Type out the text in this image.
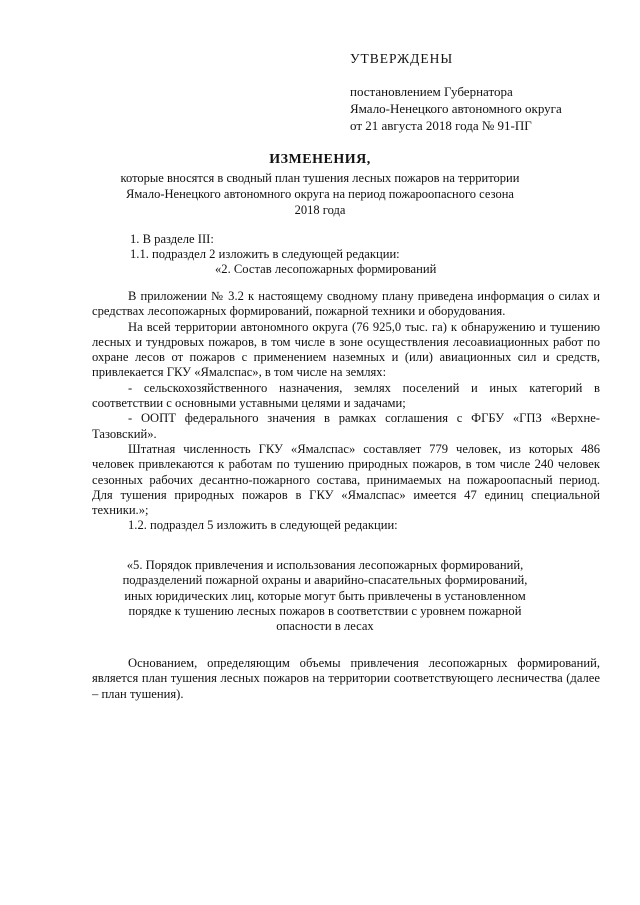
УТВЕРЖДЕНЫ
постановлением Губернатора
Ямало-Ненецкого автономного округа
от 21 августа 2018 года № 91-ПГ
ИЗМЕНЕНИЯ,
которые вносятся в сводный план тушения лесных пожаров на территории
Ямало-Ненецкого автономного округа на период пожароопасного сезона
2018 года
1. В разделе III:
1.1. подраздел 2 изложить в следующей редакции:
«2. Состав лесопожарных формирований

В приложении № 3.2 к настоящему сводному плану приведена информация о силах и средствах лесопожарных формирований, пожарной техники и оборудования.

На всей территории автономного округа (76 925,0 тыс. га) к обнаружению и тушению лесных и тундровых пожаров, в том числе в зоне осуществления лесоавиационных работ по охране лесов от пожаров с применением наземных и (или) авиационных сил и средств, привлекается ГКУ «Ямалспас», в том числе на землях:

- сельскохозяйственного назначения, землях поселений и иных категорий в соответствии с основными уставными целями и задачами;

- ООПТ федерального значения в рамках соглашения с ФГБУ «ГПЗ «Верхне-Тазовский».

Штатная численность ГКУ «Ямалспас» составляет 779 человек, из которых 486 человек привлекаются к работам по тушению природных пожаров, в том числе 240 человек сезонных рабочих десантно-пожарного состава, принимаемых на пожароопасный период. Для тушения природных пожаров в ГКУ «Ямалспас» имеется 47 единиц специальной техники.»;

1.2. подраздел 5 изложить в следующей редакции:

«5. Порядок привлечения и использования лесопожарных формирований,
подразделений пожарной охраны и аварийно-спасательных формирований,
иных юридических лиц, которые могут быть привлечены в установленном
порядке к тушению лесных пожаров в соответствии с уровнем пожарной
опасности в лесах

Основанием, определяющим объемы привлечения лесопожарных формирований, является план тушения лесных пожаров на территории соответствующего лесничества (далее – план тушения).
